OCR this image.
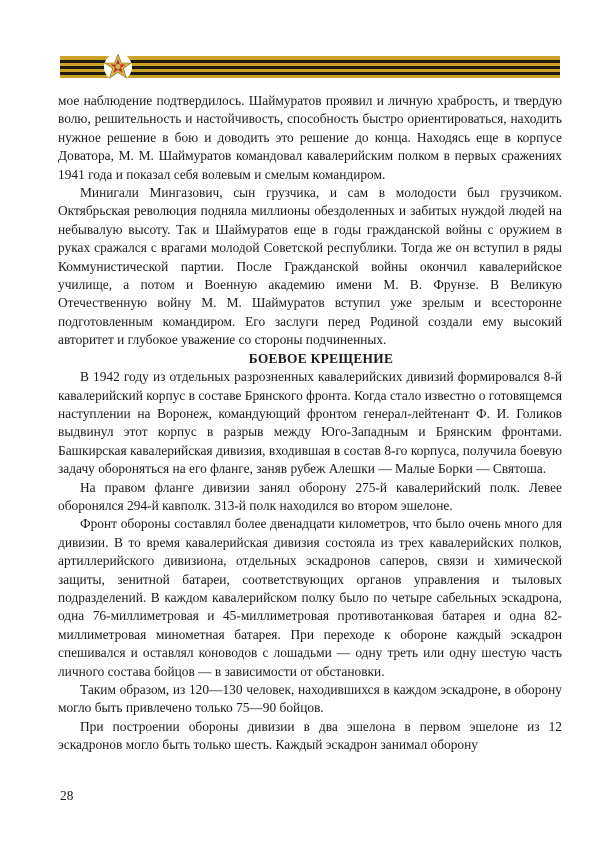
мое наблюдение подтвердилось. Шаймуратов проявил и личную храбрость, и твердую волю, решительность и настойчивость, способность быстро ориентироваться, находить нужное решение в бою и доводить это решение до конца. Находясь еще в корпусе Доватора, М. М. Шаймуратов командовал кавалерийским полком в первых сражениях 1941 года и показал себя волевым и смелым командиром.

Минигали Мингазович, сын грузчика, и сам в молодости был грузчиком. Октябрьская революция подняла миллионы обездоленных и забитых нуждой людей на небывалую высоту. Так и Шаймуратов еще в годы гражданской войны с оружием в руках сражался с врагами молодой Советской республики. Тогда же он вступил в ряды Коммунистической партии. После Гражданской войны окончил кавалерийское училище, а потом и Военную академию имени М. В. Фрунзе. В Великую Отечественную войну М. М. Шаймуратов вступил уже зрелым и всесторонне подготовленным командиром. Его заслуги перед Родиной создали ему высокий авторитет и глубокое уважение со стороны подчиненных.

БОЕВОЕ КРЕЩЕНИЕ

В 1942 году из отдельных разрозненных кавалерийских дивизий формировался 8-й кавалерийский корпус в составе Брянского фронта. Когда стало известно о готовящемся наступлении на Воронеж, командующий фронтом генерал-лейтенант Ф. И. Голиков выдвинул этот корпус в разрыв между Юго-Западным и Брянским фронтами. Башкирская кавалерийская дивизия, входившая в состав 8-го корпуса, получила боевую задачу обороняться на его фланге, заняв рубеж Алешки — Малые Борки — Святоша.

На правом фланге дивизии занял оборону 275-й кавалерийский полк. Левее оборонялся 294-й кавполк. 313-й полк находился во втором эшелоне.

Фронт обороны составлял более двенадцати километров, что было очень много для дивизии. В то время кавалерийская дивизия состояла из трех кавалерийских полков, артиллерийского дивизиона, отдельных эскадронов саперов, связи и химической защиты, зенитной батареи, соответствующих органов управления и тыловых подразделений. В каждом кавалерийском полку было по четыре сабельных эскадрона, одна 76-миллиметровая и 45-миллиметровая противотанковая батарея и одна 82-миллиметровая минометная батарея. При переходе к обороне каждый эскадрон спешивался и оставлял коноводов с лошадьми — одну треть или одну шестую часть личного состава бойцов — в зависимости от обстановки.

Таким образом, из 120—130 человек, находившихся в каждом эскадроне, в оборону могло быть привлечено только 75—90 бойцов.

При построении обороны дивизии в два эшелона в первом эшелоне из 12 эскадронов могло быть только шесть. Каждый эскадрон занимал оборону

28
